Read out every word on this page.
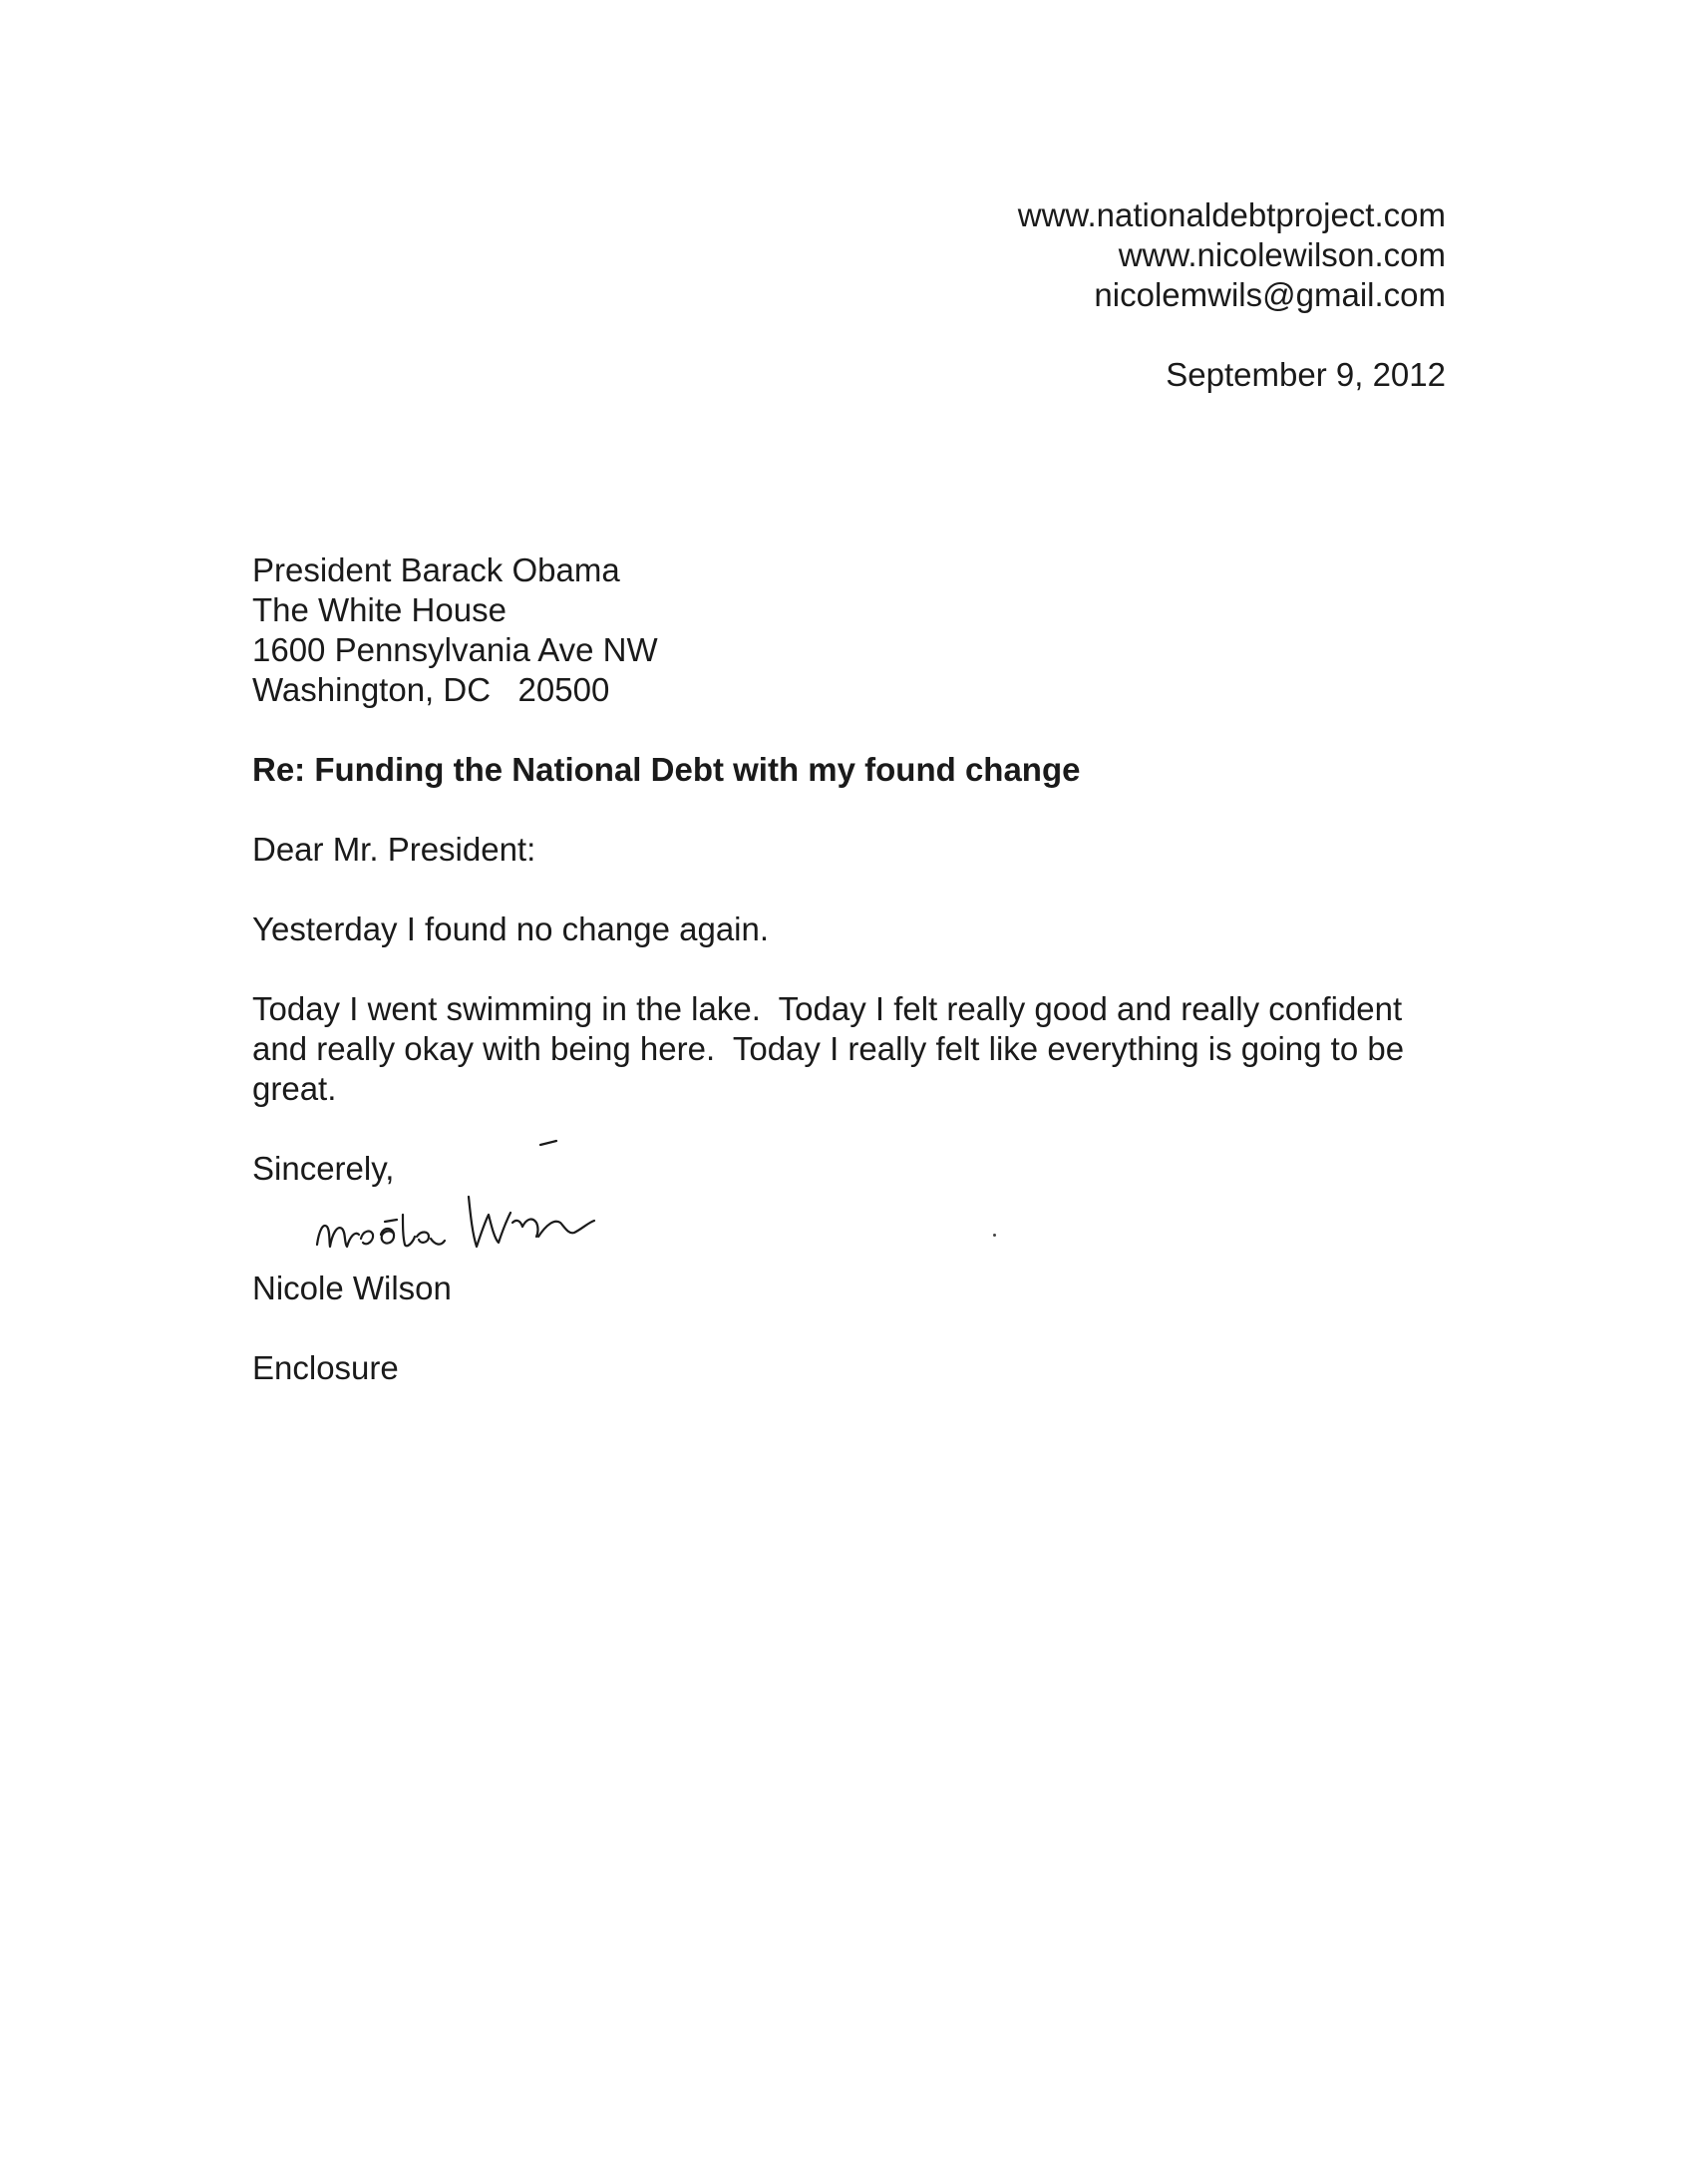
www.nationaldebtproject.com
www.nicolewilson.com
nicolemwils@gmail.com
September 9, 2012
President Barack Obama
The White House
1600 Pennsylvania Ave NW
Washington, DC   20500
Re: Funding the National Debt with my found change
Dear Mr. President:
Yesterday I found no change again.
Today I went swimming in the lake.  Today I felt really good and really confident
and really okay with being here.  Today I really felt like everything is going to be
great.
Sincerely,
Nicole Wilson
Enclosure
